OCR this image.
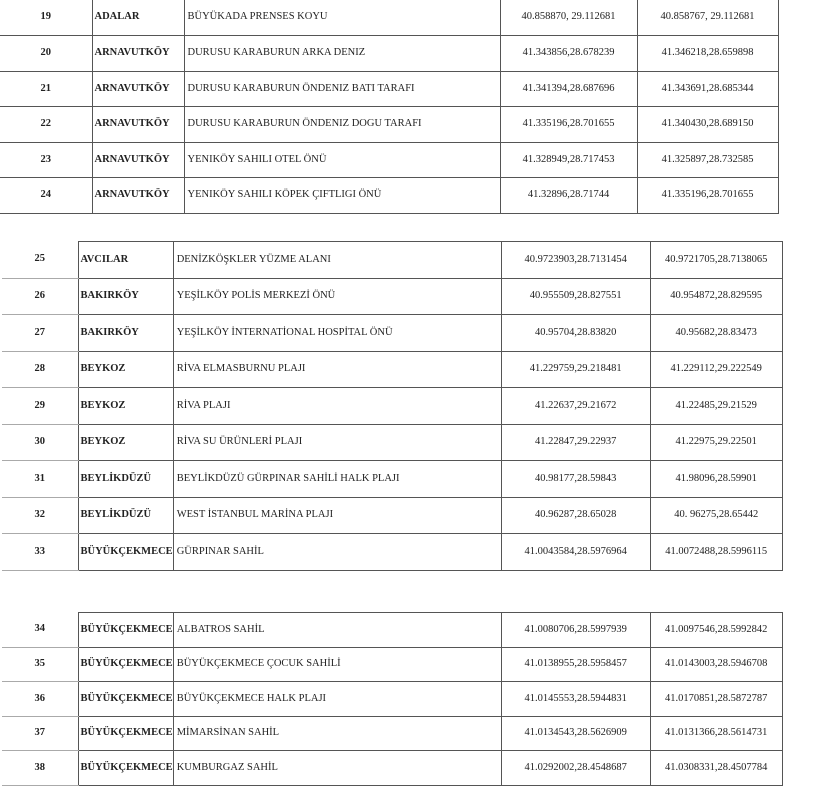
19	ADALAR	BÜYÜKADA PRENSES KOYU	40.858870, 29.112681	40.858767, 29.112681
20	ARNAVUTKÖY	DURUSU KARABURUN ARKA DENIZ	41.343856,28.678239	41.346218,28.659898
21	ARNAVUTKÖY	DURUSU KARABURUN ÖNDENIZ BATI TARAFI	41.341394,28.687696	41.343691,28.685344
22	ARNAVUTKÖY	DURUSU KARABURUN ÖNDENIZ DOGU TARAFI	41.335196,28.701655	41.340430,28.689150
23	ARNAVUTKÖY	YENIKÖY SAHILI OTEL ÖNÜ	41.328949,28.717453	41.325897,28.732585
24	ARNAVUTKÖY	YENIKÖY SAHILI KÖPEK ÇIFTLIGI ÖNÜ	41.32896,28.71744	41.335196,28.701655
25	AVCILAR	DENİZKÖŞKLER YÜZME ALANI	40.9723903,28.7131454	40.9721705,28.7138065
26	BAKIRKÖY	YEŞİLKÖY POLİS MERKEZİ ÖNÜ	40.955509,28.827551	40.954872,28.829595
27	BAKIRKÖY	YEŞİLKÖY İNTERNATİONAL HOSPİTAL ÖNÜ	40.95704,28.83820	40.95682,28.83473
28	BEYKOZ	RİVA ELMASBURNU PLAJI	41.229759,29.218481	41.229112,29.222549
29	BEYKOZ	RİVA PLAJI	41.22637,29.21672	41.22485,29.21529
30	BEYKOZ	RİVA SU ÜRÜNLERİ PLAJI	41.22847,29.22937	41.22975,29.22501
31	BEYLİKDÜZÜ	BEYLİKDÜZÜ GÜRPINAR SAHİLİ HALK PLAJI	40.98177,28.59843	41.98096,28.59901
32	BEYLİKDÜZÜ	WEST İSTANBUL MARİNA PLAJI	40.96287,28.65028	40. 96275,28.65442
33	BÜYÜKÇEKMECE	GÜRPINAR SAHİL	41.0043584,28.5976964	41.0072488,28.5996115
34	BÜYÜKÇEKMECE	ALBATROS SAHİL	41.0080706,28.5997939	41.0097546,28.5992842
35	BÜYÜKÇEKMECE	BÜYÜKÇEKMECE ÇOCUK SAHİLİ	41.0138955,28.5958457	41.0143003,28.5946708
36	BÜYÜKÇEKMECE	BÜYÜKÇEKMECE HALK PLAJI	41.0145553,28.5944831	41.0170851,28.5872787
37	BÜYÜKÇEKMECE	MİMARSİNAN SAHİL	41.0134543,28.5626909	41.0131366,28.5614731
38	BÜYÜKÇEKMECE	KUMBURGAZ SAHİL	41.0292002,28.4548687	41.0308331,28.4507784
